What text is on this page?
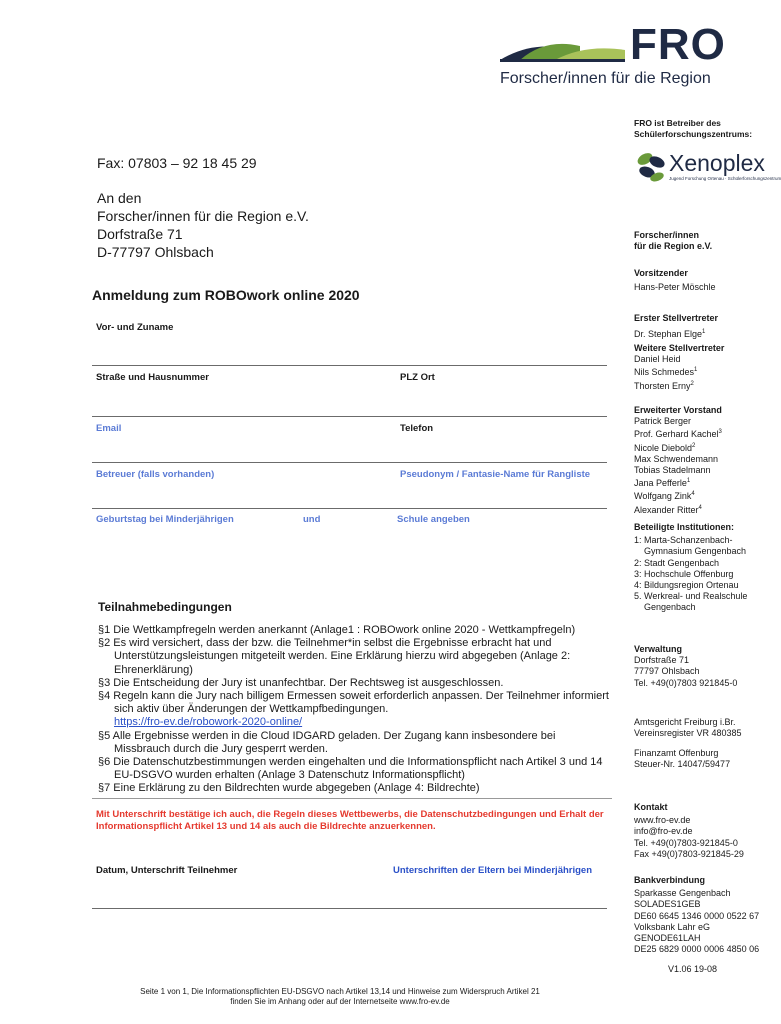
FRO
Forscher/innen für die Region
FRO ist Betreiber des
Schülerforschungszentrums:
Xenoplex
Jugend Forschung Ortenau · Schülerforschungszentrum
Fax: 07803 – 92 18 45 29
An den
Forscher/innen für die Region e.V.
Dorfstraße 71
D-77797 Ohlsbach
Anmeldung zum ROBOwork online 2020
Vor- und Zuname
Straße und Hausnummer	PLZ Ort
Email	Telefon
Betreuer (falls vorhanden)	Pseudonym / Fantasie-Name für Rangliste
Geburtstag bei Minderjährigen	und	Schule angeben
Teilnahmebedingungen
§1 Die Wettkampfregeln werden anerkannt (Anlage1 : ROBOwork online 2020 - Wettkampfregeln)
§2 Es wird versichert, dass der bzw. die Teilnehmer*in selbst die Ergebnisse erbracht hat und Unterstützungsleistungen mitgeteilt werden. Eine Erklärung hierzu wird abgegeben (Anlage 2: Ehrenerklärung)
§3 Die Entscheidung der Jury ist unanfechtbar. Der Rechtsweg ist ausgeschlossen.
§4 Regeln kann die Jury nach billigem Ermessen soweit erforderlich anpassen. Der Teilnehmer informiert sich aktiv über Änderungen der Wettkampfbedingungen.
https://fro-ev.de/robowork-2020-online/
§5 Alle Ergebnisse werden in die Cloud IDGARD geladen. Der Zugang kann insbesondere bei Missbrauch durch die Jury gesperrt werden.
§6 Die Datenschutzbestimmungen werden eingehalten und die Informationspflicht nach Artikel 3 und 14 EU-DSGVO wurden erhalten (Anlage 3 Datenschutz Informationspflicht)
§7 Eine Erklärung zu den Bildrechten wurde abgegeben (Anlage 4: Bildrechte)
Mit Unterschrift bestätige ich auch, die Regeln dieses Wettbewerbs, die Datenschutzbedingungen und Erhalt der Informationspflicht Artikel 13 und 14 als auch die Bildrechte anzuerkennen.
Datum, Unterschrift Teilnehmer	Unterschriften der Eltern bei Minderjährigen
Seite 1 von 1, Die Informationspflichten EU-DSGVO nach Artikel 13,14 und Hinweise zum Widerspruch Artikel 21
finden Sie im Anhang oder auf der Internetseite www.fro-ev.de
Forscher/innen
für die Region e.V.
Vorsitzender
Hans-Peter Möschle
Erster Stellvertreter
Dr. Stephan Elge$^1$
Weitere Stellvertreter
Daniel Heid
Nils Schmedes$^1$
Thorsten Erny$^2$
Erweiterter Vorstand
Patrick Berger
Prof. Gerhard Kachel$^3$
Nicole Diebold$^2$
Max Schwendemann
Tobias Stadelmann
Jana Pefferle$^1$
Wolfgang Zink$^4$
Alexander Ritter$^4$
Beteiligte Institutionen:
1: Marta-Schanzenbach-
Gymnasium Gengenbach
2: Stadt Gengenbach
3: Hochschule Offenburg
4: Bildungsregion Ortenau
5. Werkreal- und Realschule
Gengenbach
Verwaltung
Dorfstraße 71
77797 Ohlsbach
Tel. +49(0)7803 921845-0
Amtsgericht Freiburg i.Br.
Vereinsregister VR 480385
Finanzamt Offenburg
Steuer-Nr. 14047/59477
Kontakt
www.fro-ev.de
info@fro-ev.de
Tel. +49(0)7803-921845-0
Fax +49(0)7803-921845-29
Bankverbindung
Sparkasse Gengenbach
SOLADES1GEB
DE60 6645 1346 0000 0522 67
Volksbank Lahr eG
GENODE61LAH
DE25 6829 0000 0006 4850 06
V1.06 19-08
